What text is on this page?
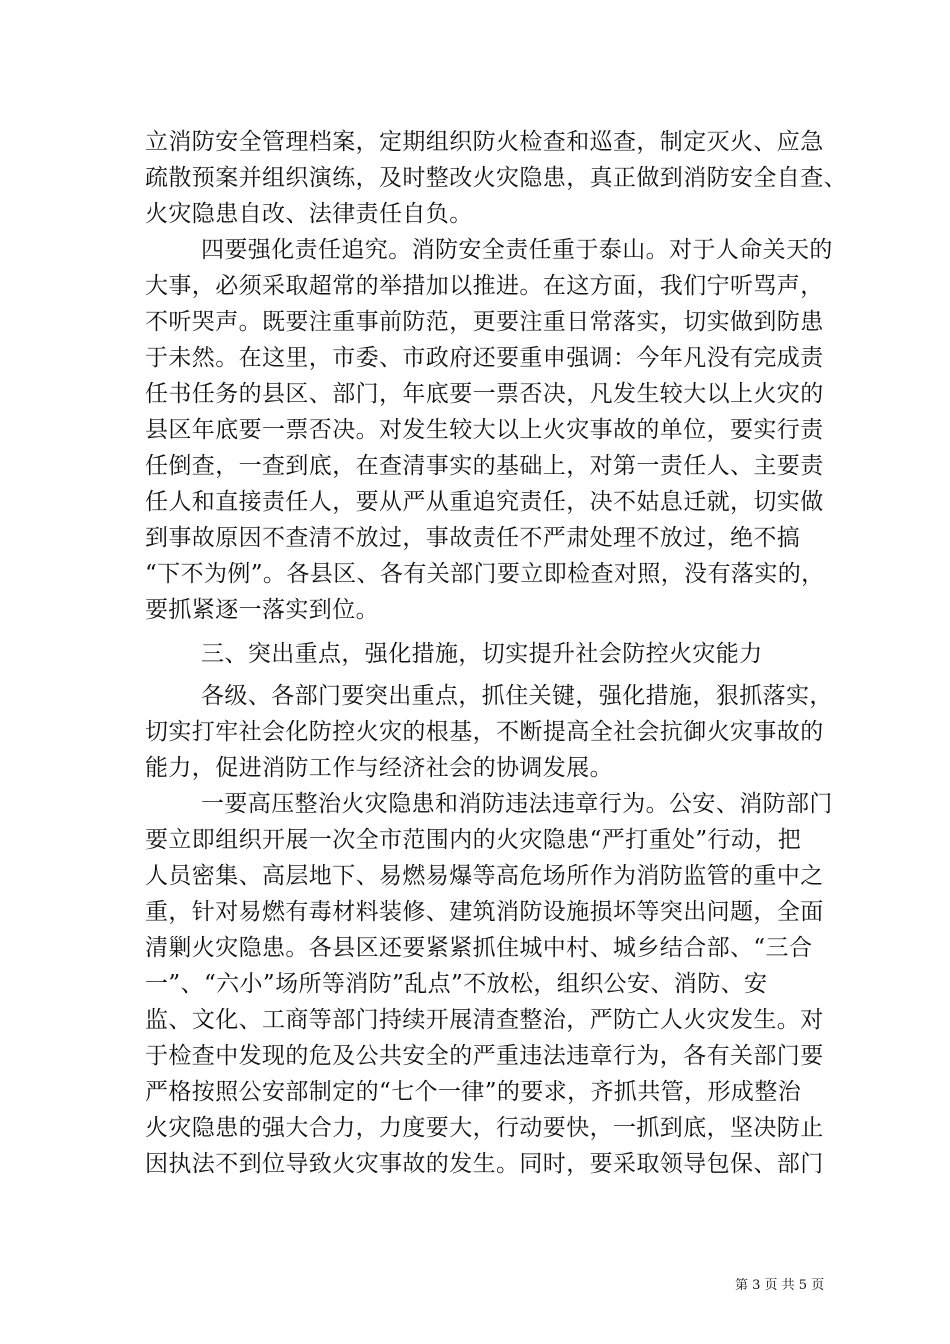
立消防安全管理档案，定期组织防火检查和巡查，制定灭火、应急
疏散预案并组织演练，及时整改火灾隐患，真正做到消防安全自查、
火灾隐患自改、法律责任自负。
四要强化责任追究。消防安全责任重于泰山。对于人命关天的
大事，必须采取超常的举措加以推进。在这方面，我们宁听骂声，
不听哭声。既要注重事前防范，更要注重日常落实，切实做到防患
于未然。在这里，市委、市政府还要重申强调：今年凡没有完成责
任书任务的县区、部门，年底要一票否决，凡发生较大以上火灾的
县区年底要一票否决。对发生较大以上火灾事故的单位，要实行责
任倒查，一查到底，在查清事实的基础上，对第一责任人、主要责
任人和直接责任人，要从严从重追究责任，决不姑息迁就，切实做
到事故原因不查清不放过，事故责任不严肃处理不放过，绝不搞
“下不为例”。各县区、各有关部门要立即检查对照，没有落实的，
要抓紧逐一落实到位。
三、突出重点，强化措施，切实提升社会防控火灾能力
各级、各部门要突出重点，抓住关键，强化措施，狠抓落实，
切实打牢社会化防控火灾的根基，不断提高全社会抗御火灾事故的
能力，促进消防工作与经济社会的协调发展。
一要高压整治火灾隐患和消防违法违章行为。公安、消防部门
要立即组织开展一次全市范围内的火灾隐患“严打重处”行动，把
人员密集、高层地下、易燃易爆等高危场所作为消防监管的重中之
重，针对易燃有毒材料装修、建筑消防设施损坏等突出问题，全面
清剿火灾隐患。各县区还要紧紧抓住城中村、城乡结合部、“三合
一”、“六小”场所等消防”乱点”不放松，组织公安、消防、安
监、文化、工商等部门持续开展清查整治，严防亡人火灾发生。对
于检查中发现的危及公共安全的严重违法违章行为，各有关部门要
严格按照公安部制定的“七个一律”的要求，齐抓共管，形成整治
火灾隐患的强大合力，力度要大，行动要快，一抓到底，坚决防止
因执法不到位导致火灾事故的发生。同时，要采取领导包保、部门
第 3 页 共 5 页
